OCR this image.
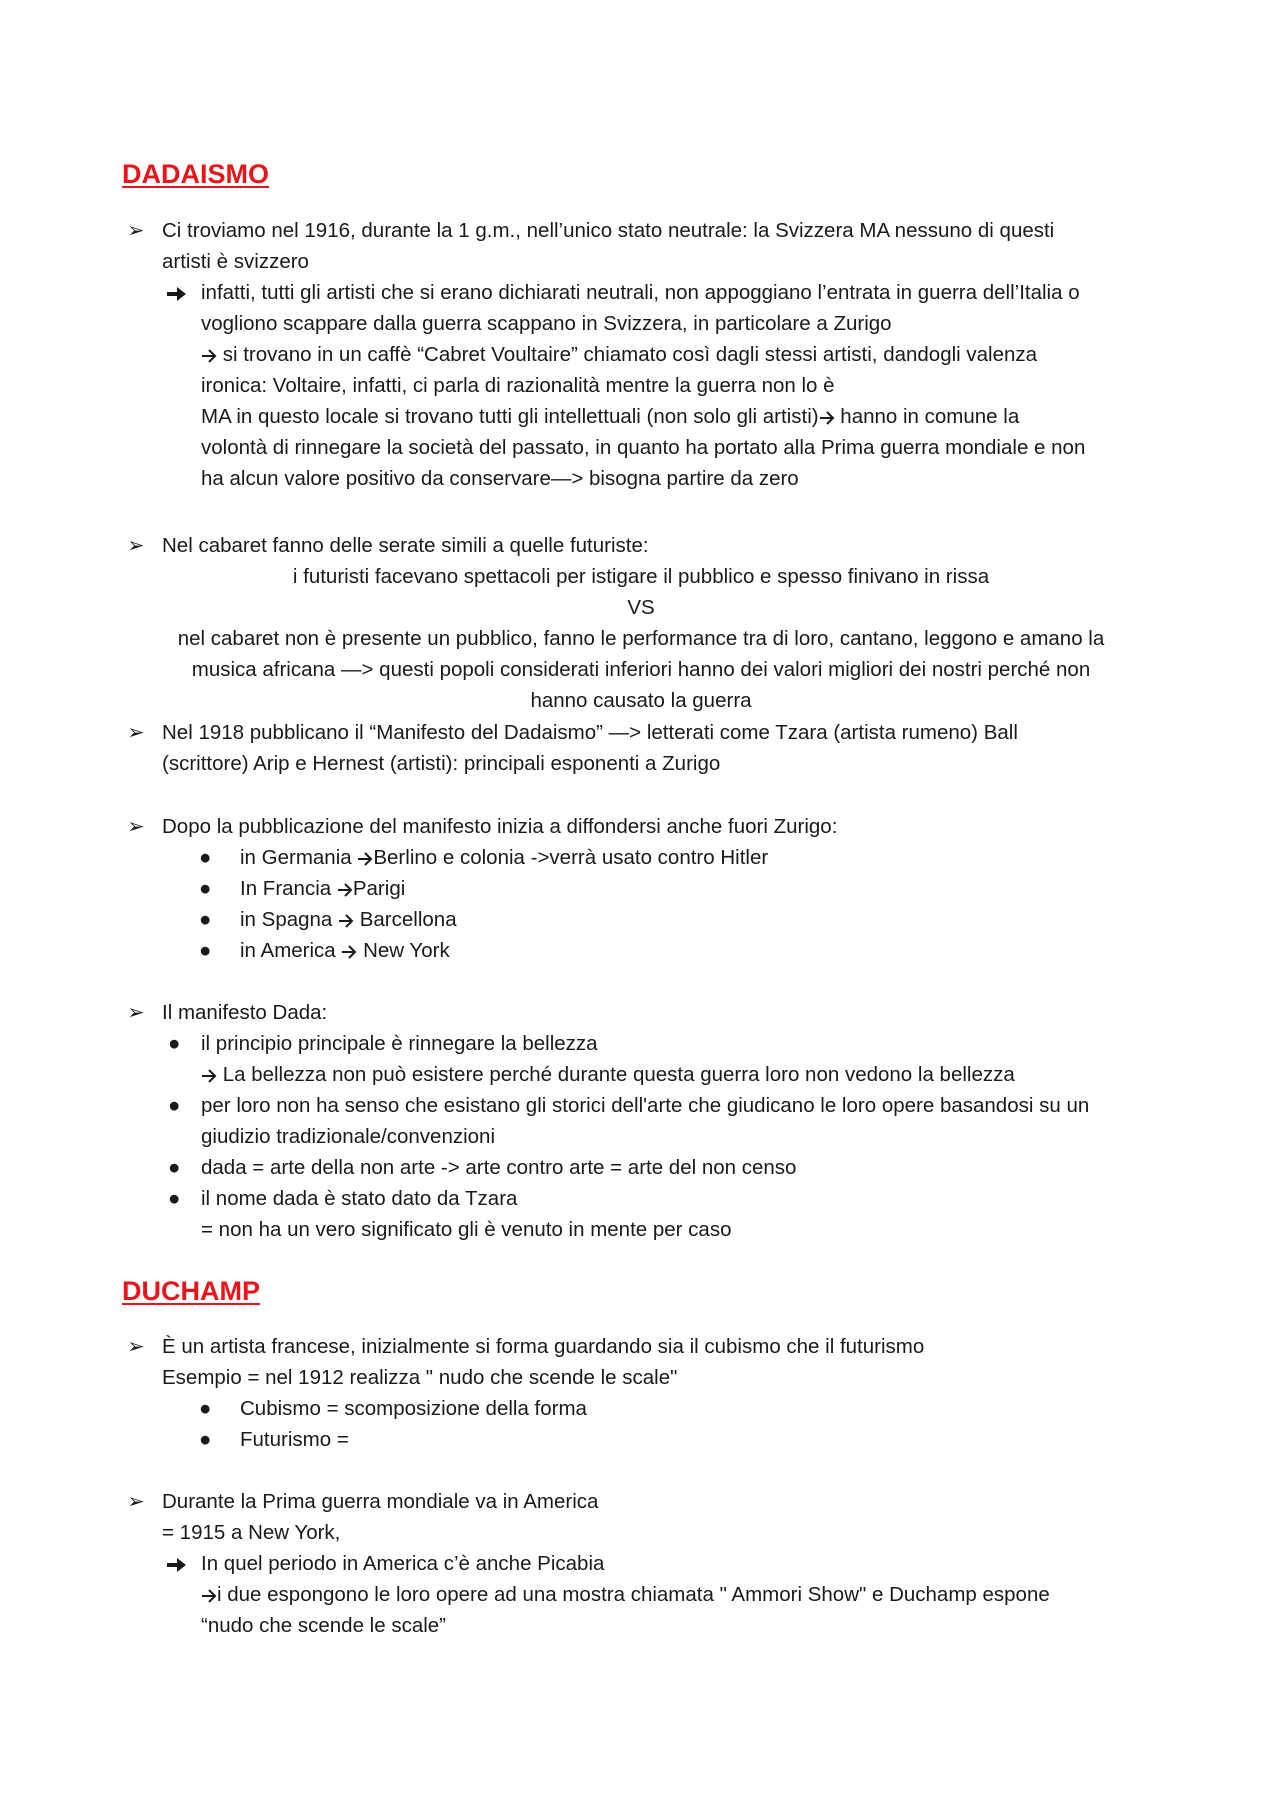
DADAISMO
➢ Ci troviamo nel 1916, durante la 1 g.m., nell’unico stato neutrale: la Svizzera MA nessuno di questi
artisti è svizzero
infatti, tutti gli artisti che si erano dichiarati neutrali, non appoggiano l’entrata in guerra dell’Italia o
vogliono scappare dalla guerra scappano in Svizzera, in particolare a Zurigo
si trovano in un caffè “Cabret Voultaire” chiamato così dagli stessi artisti, dandogli valenza
ironica: Voltaire, infatti, ci parla di razionalità mentre la guerra non lo è
MA in questo locale si trovano tutti gli intellettuali (non solo gli artisti) hanno in comune la
volontà di rinnegare la società del passato, in quanto ha portato alla Prima guerra mondiale e non
ha alcun valore positivo da conservare—> bisogna partire da zero
➢ Nel cabaret fanno delle serate simili a quelle futuriste:
i futuristi facevano spettacoli per istigare il pubblico e spesso finivano in rissa
VS
nel cabaret non è presente un pubblico, fanno le performance tra di loro, cantano, leggono e amano la
musica africana —> questi popoli considerati inferiori hanno dei valori migliori dei nostri perché non
hanno causato la guerra
➢ Nel 1918 pubblicano il “Manifesto del Dadaismo” —> letterati come Tzara (artista rumeno) Ball
(scrittore) Arip e Hernest (artisti): principali esponenti a Zurigo
➢ Dopo la pubblicazione del manifesto inizia a diffondersi anche fuori Zurigo:
● in Germania Berlino e colonia ->verrà usato contro Hitler
● In Francia Parigi
● in Spagna  Barcellona
● in America  New York
➢ Il manifesto Dada:
● il principio principale è rinnegare la bellezza
La bellezza non può esistere perché durante questa guerra loro non vedono la bellezza
● per loro non ha senso che esistano gli storici dell'arte che giudicano le loro opere basandosi su un
giudizio tradizionale/convenzioni
● dada = arte della non arte -> arte contro arte = arte del non censo
● il nome dada è stato dato da Tzara
= non ha un vero significato gli è venuto in mente per caso
DUCHAMP
➢ È un artista francese, inizialmente si forma guardando sia il cubismo che il futurismo
Esempio = nel 1912 realizza " nudo che scende le scale"
● Cubismo = scomposizione della forma
● Futurismo =
➢ Durante la Prima guerra mondiale va in America
= 1915 a New York,
In quel periodo in America c’è anche Picabia
i due espongono le loro opere ad una mostra chiamata " Ammori Show" e Duchamp espone
“nudo che scende le scale”
